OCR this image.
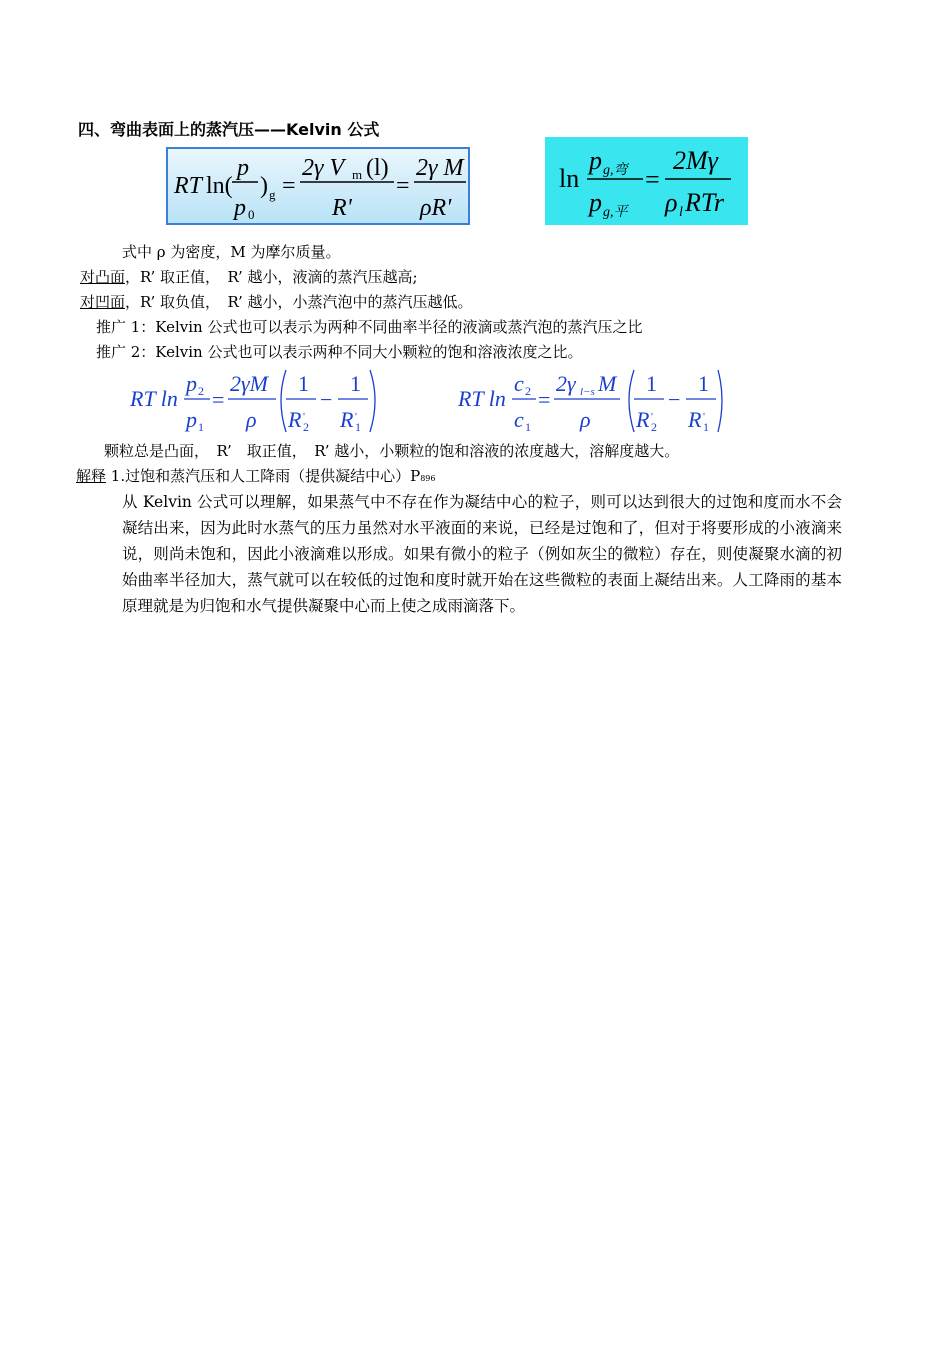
四、弯曲表面上的蒸汽压——Kelvin 公式
RT ln(
p
p 0
) g =
2γ V m (l)
R'
=
2γ M
ρR'
ln
p g,弯
p g,平
=
2Mγ
ρ l RTr
式中 ρ 为密度，M 为摩尔质量。
对凸面，R’ 取正值，　R’ 越小，液滴的蒸汽压越高;
对凹面，R’ 取负值，　R’ 越小，小蒸汽泡中的蒸汽压越低。
推广 1：Kelvin 公式也可以表示为两种不同曲率半径的液滴或蒸汽泡的蒸汽压之比
推广 2：Kelvin 公式也可以表示两种不同大小颗粒的饱和溶液浓度之比。
RT ln
p 2
p 1
=
2γM
ρ
1
R '
2
−
1
R '
1
RT ln
c 2
c 1
=
2γ l−s M
ρ
1
R '
2
−
1
R '
1
颗粒总是凸面，　R’　取正值，　R’ 越小，小颗粒的饱和溶液的浓度越大，溶解度越大。
解释 1.过饱和蒸汽压和人工降雨（提供凝结中心）P896
从 Kelvin 公式可以理解，如果蒸气中不存在作为凝结中心的粒子，则可以达到很大的过饱和度而水不会凝结出来，因为此时水蒸气的压力虽然对水平液面的来说，已经是过饱和了，但对于将要形成的小液滴来说，则尚未饱和，因此小液滴难以形成。如果有微小的粒子（例如灰尘的微粒）存在，则使凝聚水滴的初始曲率半径加大，蒸气就可以在较低的过饱和度时就开始在这些微粒的表面上凝结出来。人工降雨的基本原理就是为归饱和水气提供凝聚中心而上使之成雨滴落下。
